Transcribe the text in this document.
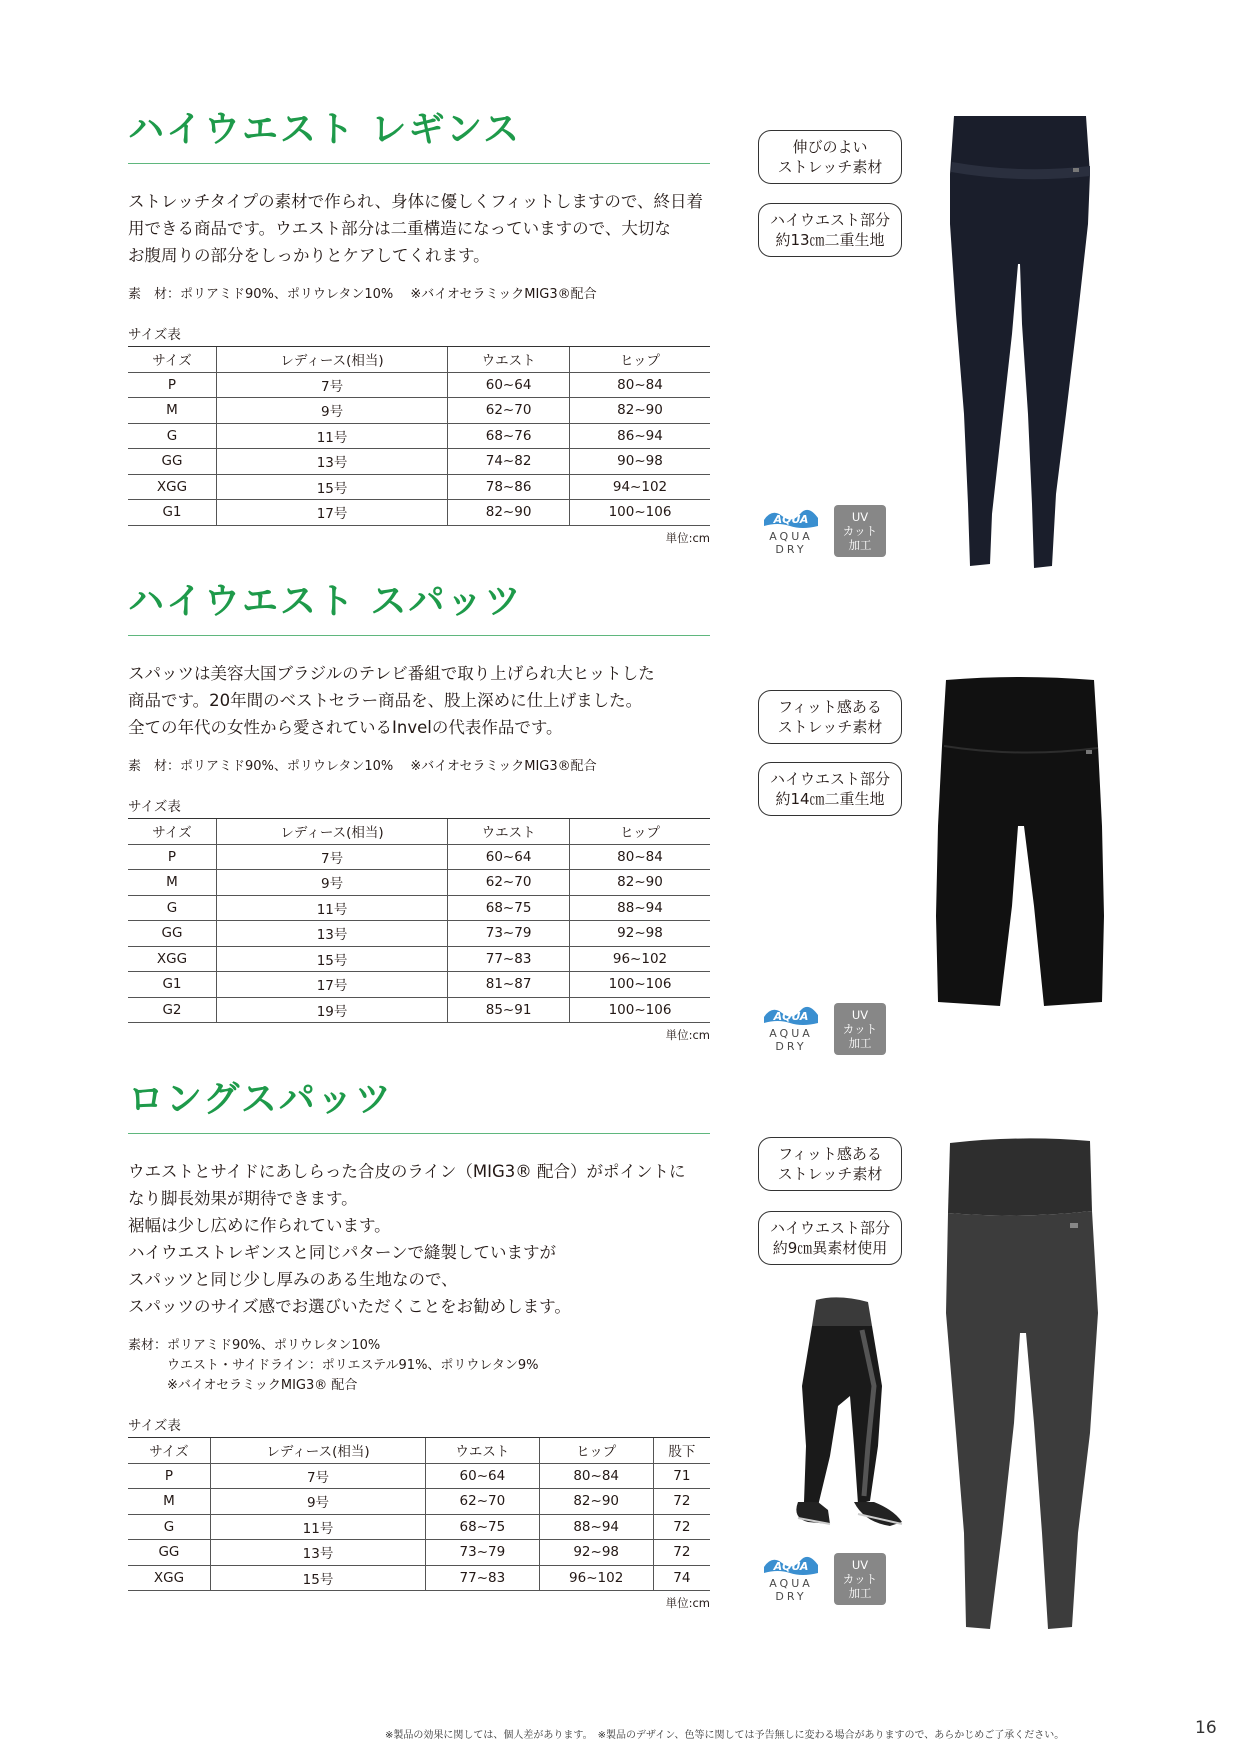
ハイウエスト レギンス
ストレッチタイプの素材で作られ、身体に優しくフィットしますので、終日着
用できる商品です。ウエスト部分は二重構造になっていますので、大切な
お腹周りの部分をしっかりとケアしてくれます。
素　材：ポリアミド90%、ポリウレタン10%　 ※バイオセラミックMIG3®配合
サイズ表
サイズ	レディース(相当)	ウエスト	ヒップ
P	7号	60~64	80~84
M	9号	62~70	82~90
G	11号	68~76	86~94
GG	13号	74~82	90~98
XGG	15号	78~86	94~102
G1	17号	82~90	100~106
単位:cm
ハイウエスト スパッツ
スパッツは美容大国ブラジルのテレビ番組で取り上げられ大ヒットした
商品です。20年間のベストセラー商品を、股上深めに仕上げました。
全ての年代の女性から愛されているInvelの代表作品です。
素　材：ポリアミド90%、ポリウレタン10%　 ※バイオセラミックMIG3®配合
サイズ表
サイズ	レディース(相当)	ウエスト	ヒップ
P	7号	60~64	80~84
M	9号	62~70	82~90
G	11号	68~75	88~94
GG	13号	73~79	92~98
XGG	15号	77~83	96~102
G1	17号	81~87	100~106
G2	19号	85~91	100~106
単位:cm
ロングスパッツ
ウエストとサイドにあしらった合皮のライン（MIG3® 配合）がポイントに
なり脚長効果が期待できます。
裾幅は少し広めに作られています。
ハイウエストレギンスと同じパターンで縫製していますが
スパッツと同じ少し厚みのある生地なので、
スパッツのサイズ感でお選びいただくことをお勧めします。
素材：ポリアミド90%、ポリウレタン10%
　　　ウエスト・サイドライン：ポリエステル91%、ポリウレタン9%
　　　※バイオセラミックMIG3® 配合
サイズ表
サイズ	レディース(相当)	ウエスト	ヒップ	股下
P	7号	60~64	80~84	71
M	9号	62~70	82~90	72
G	11号	68~75	88~94	72
GG	13号	73~79	92~98	72
XGG	15号	77~83	96~102	74
単位:cm
伸びのよい
ストレッチ素材
ハイウエスト部分
約13㎝二重生地
AQUA
AQUA
DRY
UV
カット
加工
フィット感ある
ストレッチ素材
ハイウエスト部分
約14㎝二重生地
AQUA
AQUA
DRY
UV
カット
加工
フィット感ある
ストレッチ素材
ハイウエスト部分
約9㎝異素材使用
AQUA
AQUA
DRY
UV
カット
加工
※製品の効果に関しては、個人差があります。　※製品のデザイン、色等に関しては予告無しに変わる場合がありますので、あらかじめご了承ください。	16
